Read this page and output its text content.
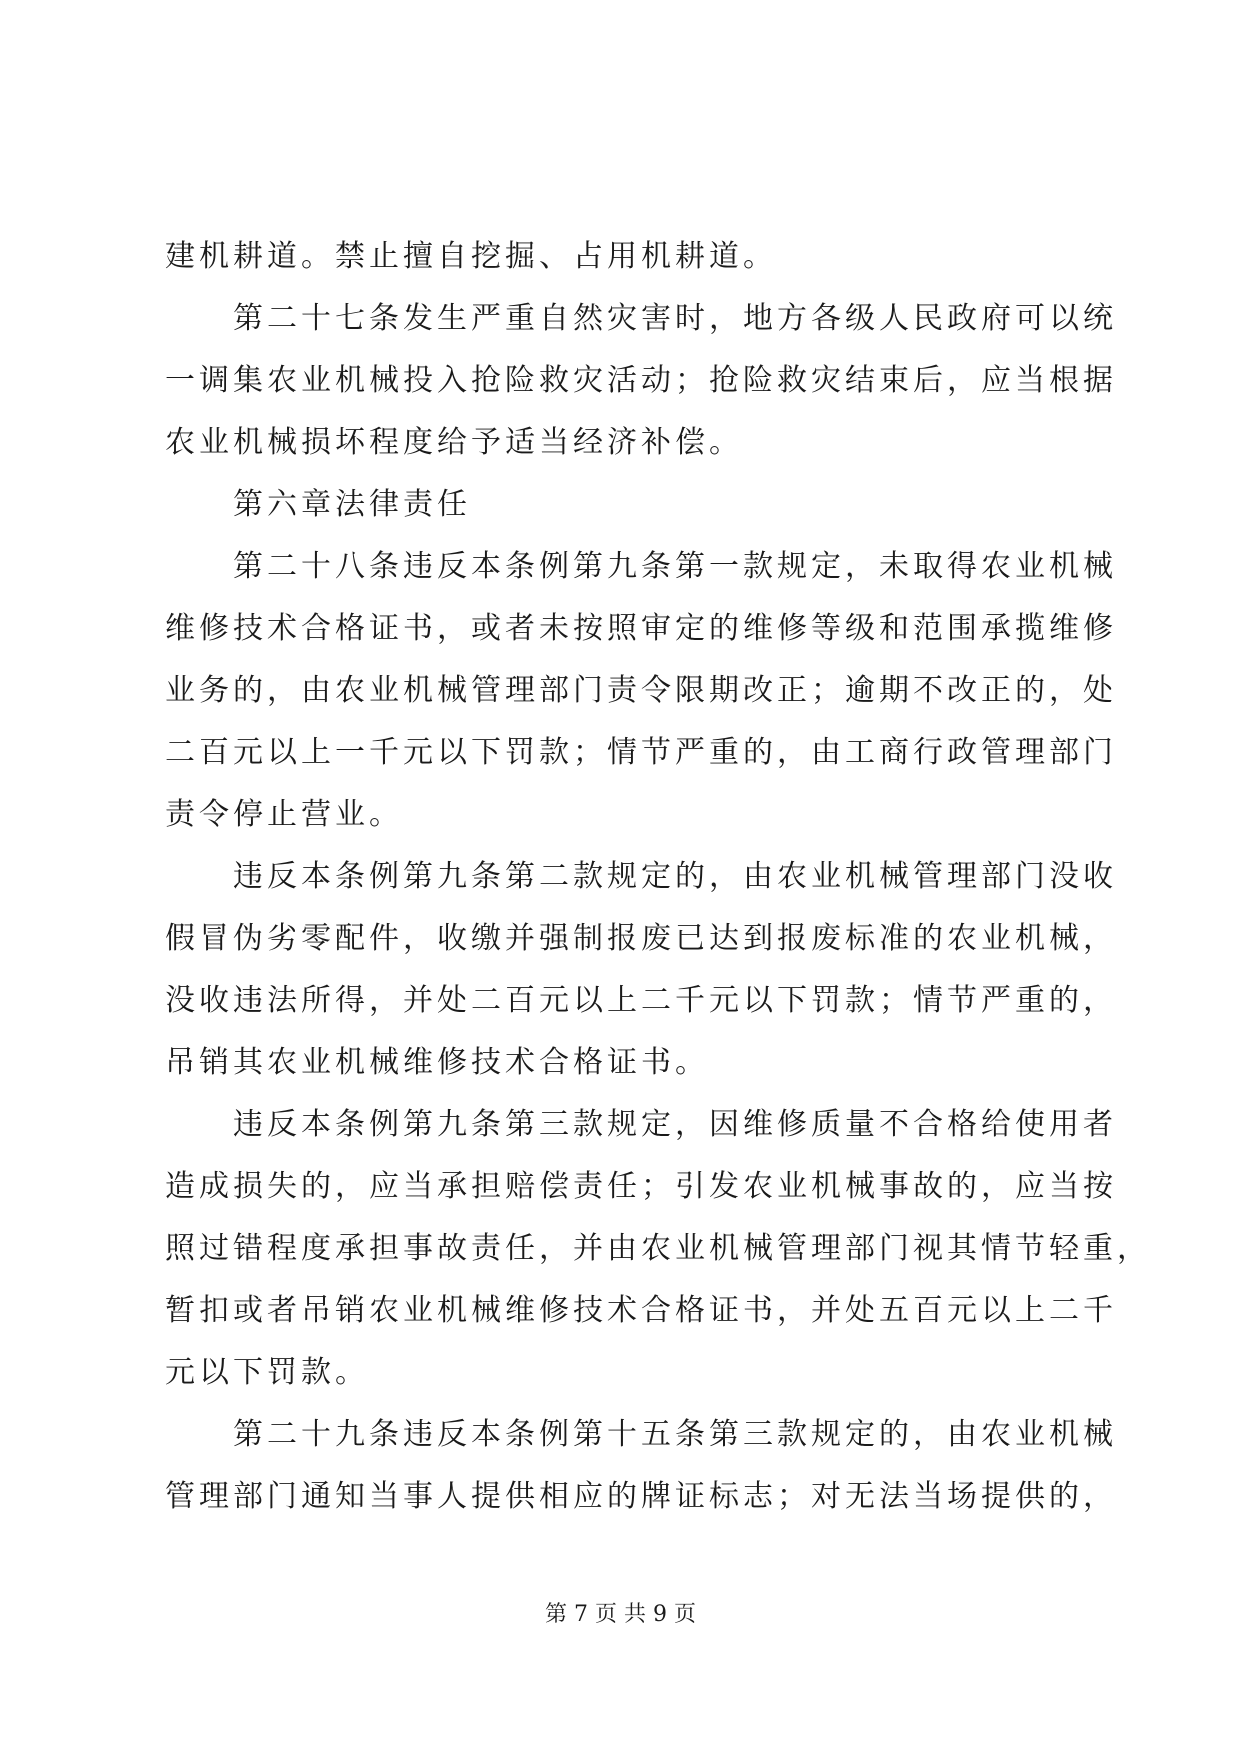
建机耕道。禁止擅自挖掘、占用机耕道。
第二十七条发生严重自然灾害时，地方各级人民政府可以统
一调集农业机械投入抢险救灾活动；抢险救灾结束后，应当根据
农业机械损坏程度给予适当经济补偿。
第六章法律责任
第二十八条违反本条例第九条第一款规定，未取得农业机械
维修技术合格证书，或者未按照审定的维修等级和范围承揽维修
业务的，由农业机械管理部门责令限期改正；逾期不改正的，处
二百元以上一千元以下罚款；情节严重的，由工商行政管理部门
责令停止营业。
违反本条例第九条第二款规定的，由农业机械管理部门没收
假冒伪劣零配件，收缴并强制报废已达到报废标准的农业机械，
没收违法所得，并处二百元以上二千元以下罚款；情节严重的，
吊销其农业机械维修技术合格证书。
违反本条例第九条第三款规定，因维修质量不合格给使用者
造成损失的，应当承担赔偿责任；引发农业机械事故的，应当按
照过错程度承担事故责任，并由农业机械管理部门视其情节轻重，
暂扣或者吊销农业机械维修技术合格证书，并处五百元以上二千
元以下罚款。
第二十九条违反本条例第十五条第三款规定的，由农业机械
管理部门通知当事人提供相应的牌证标志；对无法当场提供的，
第 7 页 共 9 页
